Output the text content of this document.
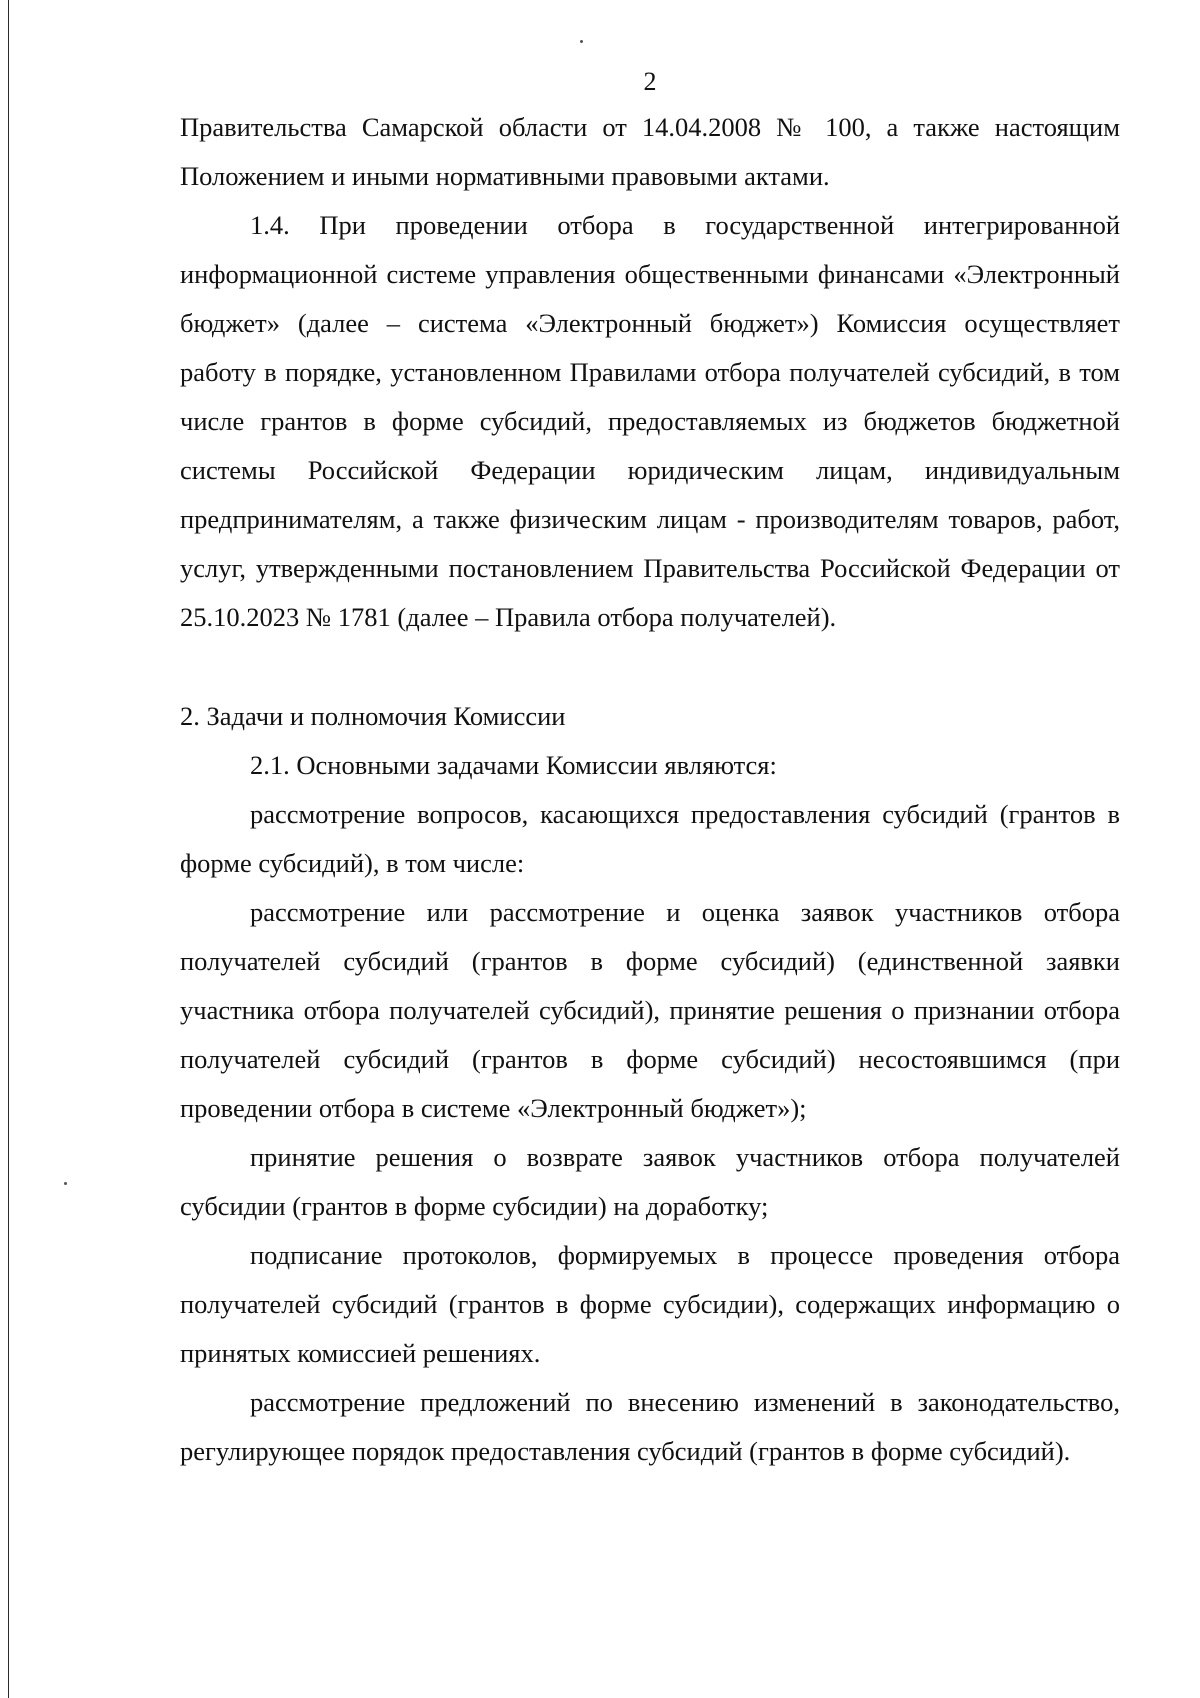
2

Правительства Самарской области от 14.04.2008 № 100, а также настоящим Положением и иными нормативными правовыми актами.

1.4. При проведении отбора в государственной интегрированной информационной системе управления общественными финансами «Электронный бюджет» (далее – система «Электронный бюджет») Комиссия осуществляет работу в порядке, установленном Правилами отбора получателей субсидий, в том числе грантов в форме субсидий, предоставляемых из бюджетов бюджетной системы Российской Федерации юридическим лицам, индивидуальным предпринимателям, а также физическим лицам - производителям товаров, работ, услуг, утвержденными постановлением Правительства Российской Федерации от 25.10.2023 № 1781 (далее – Правила отбора получателей).

2. Задачи и полномочия Комиссии

2.1. Основными задачами Комиссии являются:

рассмотрение вопросов, касающихся предоставления субсидий (грантов в форме субсидий), в том числе:

рассмотрение или рассмотрение и оценка заявок участников отбора получателей субсидий (грантов в форме субсидий) (единственной заявки участника отбора получателей субсидий), принятие решения о признании отбора получателей субсидий (грантов в форме субсидий) несостоявшимся (при проведении отбора в системе «Электронный бюджет»);

принятие решения о возврате заявок участников отбора получателей субсидии (грантов в форме субсидии) на доработку;

подписание протоколов, формируемых в процессе проведения отбора получателей субсидий (грантов в форме субсидии), содержащих информацию о принятых комиссией решениях.

рассмотрение предложений по внесению изменений в законодательство, регулирующее порядок предоставления субсидий (грантов в форме субсидий).
